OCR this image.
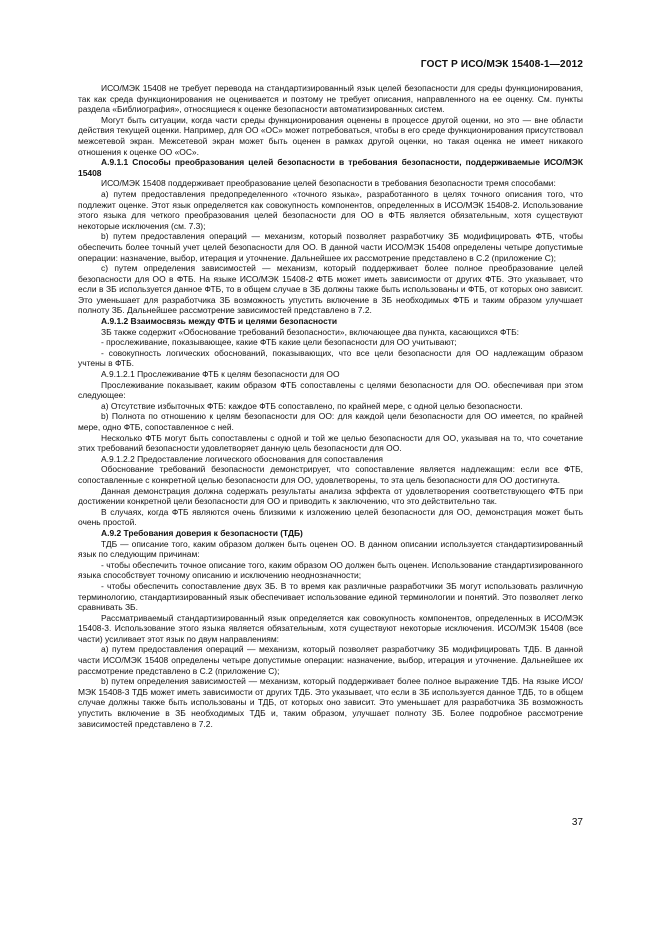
ГОСТ Р ИСО/МЭК 15408-1—2012

ИСО/МЭК 15408 не требует перевода на стандартизированный язык целей безопасности для среды функционирования, так как среда функционирования не оценивается и поэтому не требует описания, направленного на ее оценку. См. пункты раздела «Библиография», относящиеся к оценке безопасности автоматизированных систем.

Могут быть ситуации, когда части среды функционирования оценены в процессе другой оценки, но это — вне области действия текущей оценки. Например, для ОО «ОС» может потребоваться, чтобы в его среде функционирования присутствовал межсетевой экран. Межсетевой экран может быть оценен в рамках другой оценки, но такая оценка не имеет никакого отношения к оценке ОО «ОС».

А.9.1.1 Способы преобразования целей безопасности в требования безопасности, поддерживаемые ИСО/МЭК 15408

ИСО/МЭК 15408 поддерживает преобразование целей безопасности в требования безопасности тремя способами:

а) путем предоставления предопределенного «точного языка», разработанного в целях точного описания того, что подлежит оценке. Этот язык определяется как совокупность компонентов, определенных в ИСО/МЭК 15408-2. Использование этого языка для четкого преобразования целей безопасности для ОО в ФТБ является обязательным, хотя существуют некоторые исключения (см. 7.3);

b) путем предоставления операций — механизм, который позволяет разработчику ЗБ модифицировать ФТБ, чтобы обеспечить более точный учет целей безопасности для ОО. В данной части ИСО/МЭК 15408 определены четыре допустимые операции: назначение, выбор, итерация и уточнение. Дальнейшее их рассмотрение представлено в С.2 (приложение С);

с) путем определения зависимостей — механизм, который поддерживает более полное преобразование целей безопасности для ОО в ФТБ. На языке ИСО/МЭК 15408-2 ФТБ может иметь зависимости от других ФТБ. Это указывает, что если в ЗБ используется данное ФТБ, то в общем случае в ЗБ должны также быть использованы и ФТБ, от которых оно зависит. Это уменьшает для разработчика ЗБ возможность упустить включение в ЗБ необходимых ФТБ и таким образом улучшает полноту ЗБ. Дальнейшее рассмотрение зависимостей представлено в 7.2.

А.9.1.2 Взаимосвязь между ФТБ и целями безопасности

ЗБ также содержит «Обоснование требований безопасности», включающее два пункта, касающихся ФТБ:

- прослеживание, показывающее, какие ФТБ какие цели безопасности для ОО учитывают;

- совокупность логических обоснований, показывающих, что все цели безопасности для ОО надлежащим образом учтены в ФТБ.

А.9.1.2.1 Прослеживание ФТБ к целям безопасности для ОО

Прослеживание показывает, каким образом ФТБ сопоставлены с целями безопасности для ОО. обеспечивая при этом следующее:

а) Отсутствие избыточных ФТБ: каждое ФТБ сопоставлено, по крайней мере, с одной целью безопасности.

b) Полнота по отношению к целям безопасности для ОО: для каждой цели безопасности для ОО имеется, по крайней мере, одно ФТБ, сопоставленное с ней.

Несколько ФТБ могут быть сопоставлены с одной и той же целью безопасности для ОО, указывая на то, что сочетание этих требований безопасности удовлетворяет данную цель безопасности для ОО.

А.9.1.2.2 Предоставление логического обоснования для сопоставления

Обоснование требований безопасности демонстрирует, что сопоставление является надлежащим: если все ФТБ, сопоставленные с конкретной целью безопасности для ОО, удовлетворены, то эта цель безопасности для ОО достигнута.

Данная демонстрация должна содержать результаты анализа эффекта от удовлетворения соответствующего ФТБ при достижении конкретной цели безопасности для ОО и приводить к заключению, что это действительно так.

В случаях, когда ФТБ являются очень близкими к изложению целей безопасности для ОО, демонстрация может быть очень простой.

А.9.2 Требования доверия к безопасности (ТДБ)

ТДБ — описание того, каким образом должен быть оценен ОО. В данном описании используется стандартизированный язык по следующим причинам:

- чтобы обеспечить точное описание того, каким образом ОО должен быть оценен. Использование стандартизированного языка способствует точному описанию и исключению неоднозначности;

- чтобы обеспечить сопоставление двух ЗБ. В то время как различные разработчики ЗБ могут использовать различную терминологию, стандартизированный язык обеспечивает использование единой терминологии и понятий. Это позволяет легко сравнивать ЗБ.

Рассматриваемый стандартизированный язык определяется как совокупность компонентов, определенных в ИСО/МЭК 15408-3. Использование этого языка является обязательным, хотя существуют некоторые исключения. ИСО/МЭК 15408 (все части) усиливает этот язык по двум направлениям:

а) путем предоставления операций — механизм, который позволяет разработчику ЗБ модифицировать ТДБ. В данной части ИСО/МЭК 15408 определены четыре допустимые операции: назначение, выбор, итерация и уточнение. Дальнейшее их рассмотрение представлено в С.2 (приложение С);

b) путем определения зависимостей — механизм, который поддерживает более полное выражение ТДБ. На языке ИСО/МЭК 15408-3 ТДБ может иметь зависимости от других ТДБ. Это указывает, что если в ЗБ используется данное ТДБ, то в общем случае должны также быть использованы и ТДБ, от которых оно зависит. Это уменьшает для разработчика ЗБ возможность упустить включение в ЗБ необходимых ТДБ и, таким образом, улучшает полноту ЗБ. Более подробное рассмотрение зависимостей представлено в 7.2.

37
